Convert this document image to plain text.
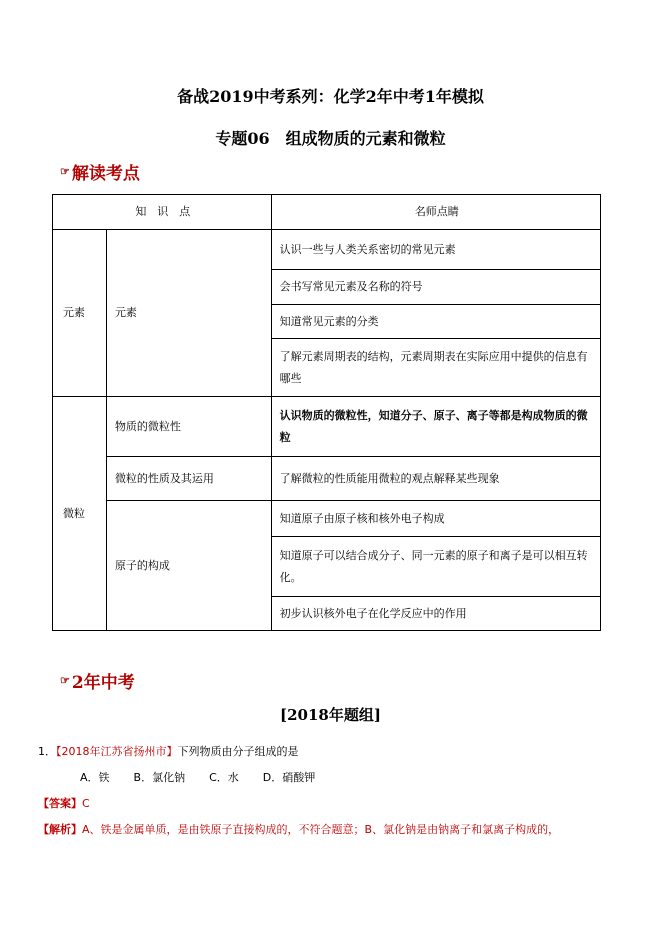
备战2019中考系列：化学2年中考1年模拟
专题06　组成物质的元素和微粒
☞ 解读考点
知　识　点		名师点睛
元素	元素	认识一些与人类关系密切的常见元素
		会书写常见元素及名称的符号
		知道常见元素的分类
		了解元素周期表的结构，元素周期表在实际应用中提供的信息有哪些
微粒	物质的微粒性	认识物质的微粒性，知道分子、原子、离子等都是构成物质的微粒
	微粒的性质及其运用	了解微粒的性质能用微粒的观点解释某些现象
	原子的构成	知道原子由原子核和核外电子构成
		知道原子可以结合成分子、同一元素的原子和离子是可以相互转化。
		初步认识核外电子在化学反应中的作用
☞ 2年中考
[2018年题组]
1．【2018年江苏省扬州市】下列物质由分子组成的是
A．铁 B．氯化钠 C．水 D．硝酸钾
【答案】C
【解析】A、铁是金属单质，是由铁原子直接构成的，不符合题意；B、氯化钠是由钠离子和氯离子构成的，
